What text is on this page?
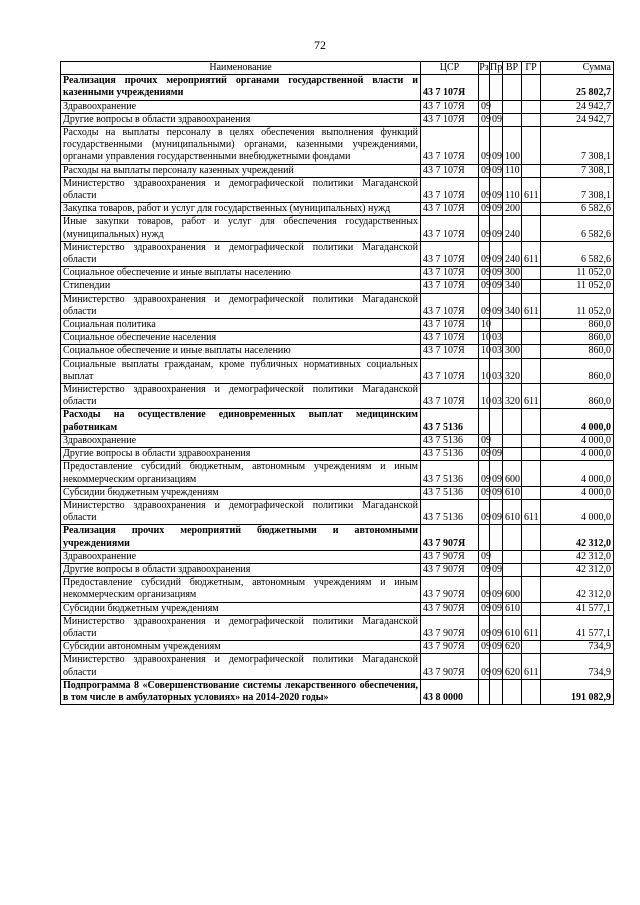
72
Наименование	ЦСР	Рз	Пр	ВР	ГР	Сумма
Реализация прочих мероприятий органами государственной власти и казенными учреждениями	43 7 107Я					25 802,7
Здравоохранение	43 7 107Я	09				24 942,7
Другие вопросы в области здравоохранения	43 7 107Я	09	09			24 942,7
Расходы на выплаты персоналу в целях обеспечения выполнения функций государственными (муниципальными) органами, казенными учреждениями, органами управления государственными внебюджетными фондами	43 7 107Я	09	09	100		7 308,1
Расходы на выплаты персоналу казенных учреждений	43 7 107Я	09	09	110		7 308,1
Министерство здравоохранения и демографической политики Магаданской области	43 7 107Я	09	09	110	611	7 308,1
Закупка товаров, работ и услуг для государственных (муниципальных) нужд	43 7 107Я	09	09	200		6 582,6
Иные закупки товаров, работ и услуг для обеспечения государственных (муниципальных) нужд	43 7 107Я	09	09	240		6 582,6
Министерство здравоохранения и демографической политики Магаданской области	43 7 107Я	09	09	240	611	6 582,6
Социальное обеспечение и иные выплаты населению	43 7 107Я	09	09	300		11 052,0
Стипендии	43 7 107Я	09	09	340		11 052,0
Министерство здравоохранения и демографической политики Магаданской области	43 7 107Я	09	09	340	611	11 052,0
Социальная политика	43 7 107Я	10				860,0
Социальное обеспечение населения	43 7 107Я	10	03			860,0
Социальное обеспечение и иные выплаты населению	43 7 107Я	10	03	300		860,0
Социальные выплаты гражданам, кроме публичных нормативных социальных выплат	43 7 107Я	10	03	320		860,0
Министерство здравоохранения и демографической политики Магаданской области	43 7 107Я	10	03	320	611	860,0
Расходы на осуществление единовременных выплат медицинским работникам	43 7 5136					4 000,0
Здравоохранение	43 7 5136	09				4 000,0
Другие вопросы в области здравоохранения	43 7 5136	09	09			4 000,0
Предоставление субсидий бюджетным, автономным учреждениям и иным некоммерческим организациям	43 7 5136	09	09	600		4 000,0
Субсидии бюджетным учреждениям	43 7 5136	09	09	610		4 000,0
Министерство здравоохранения и демографической политики Магаданской области	43 7 5136	09	09	610	611	4 000,0
Реализация прочих мероприятий бюджетными и автономными учреждениями	43 7 907Я					42 312,0
Здравоохранение	43 7 907Я	09				42 312,0
Другие вопросы в области здравоохранения	43 7 907Я	09	09			42 312,0
Предоставление субсидий бюджетным, автономным учреждениям и иным некоммерческим организациям	43 7 907Я	09	09	600		42 312,0
Субсидии бюджетным учреждениям	43 7 907Я	09	09	610		41 577,1
Министерство здравоохранения и демографической политики Магаданской области	43 7 907Я	09	09	610	611	41 577,1
Субсидии автономным учреждениям	43 7 907Я	09	09	620		734,9
Министерство здравоохранения и демографической политики Магаданской области	43 7 907Я	09	09	620	611	734,9
Подпрограмма 8 «Совершенствование системы лекарственного обеспечения, в том числе в амбулаторных условиях» на 2014-2020 годы»	43 8 0000					191 082,9
